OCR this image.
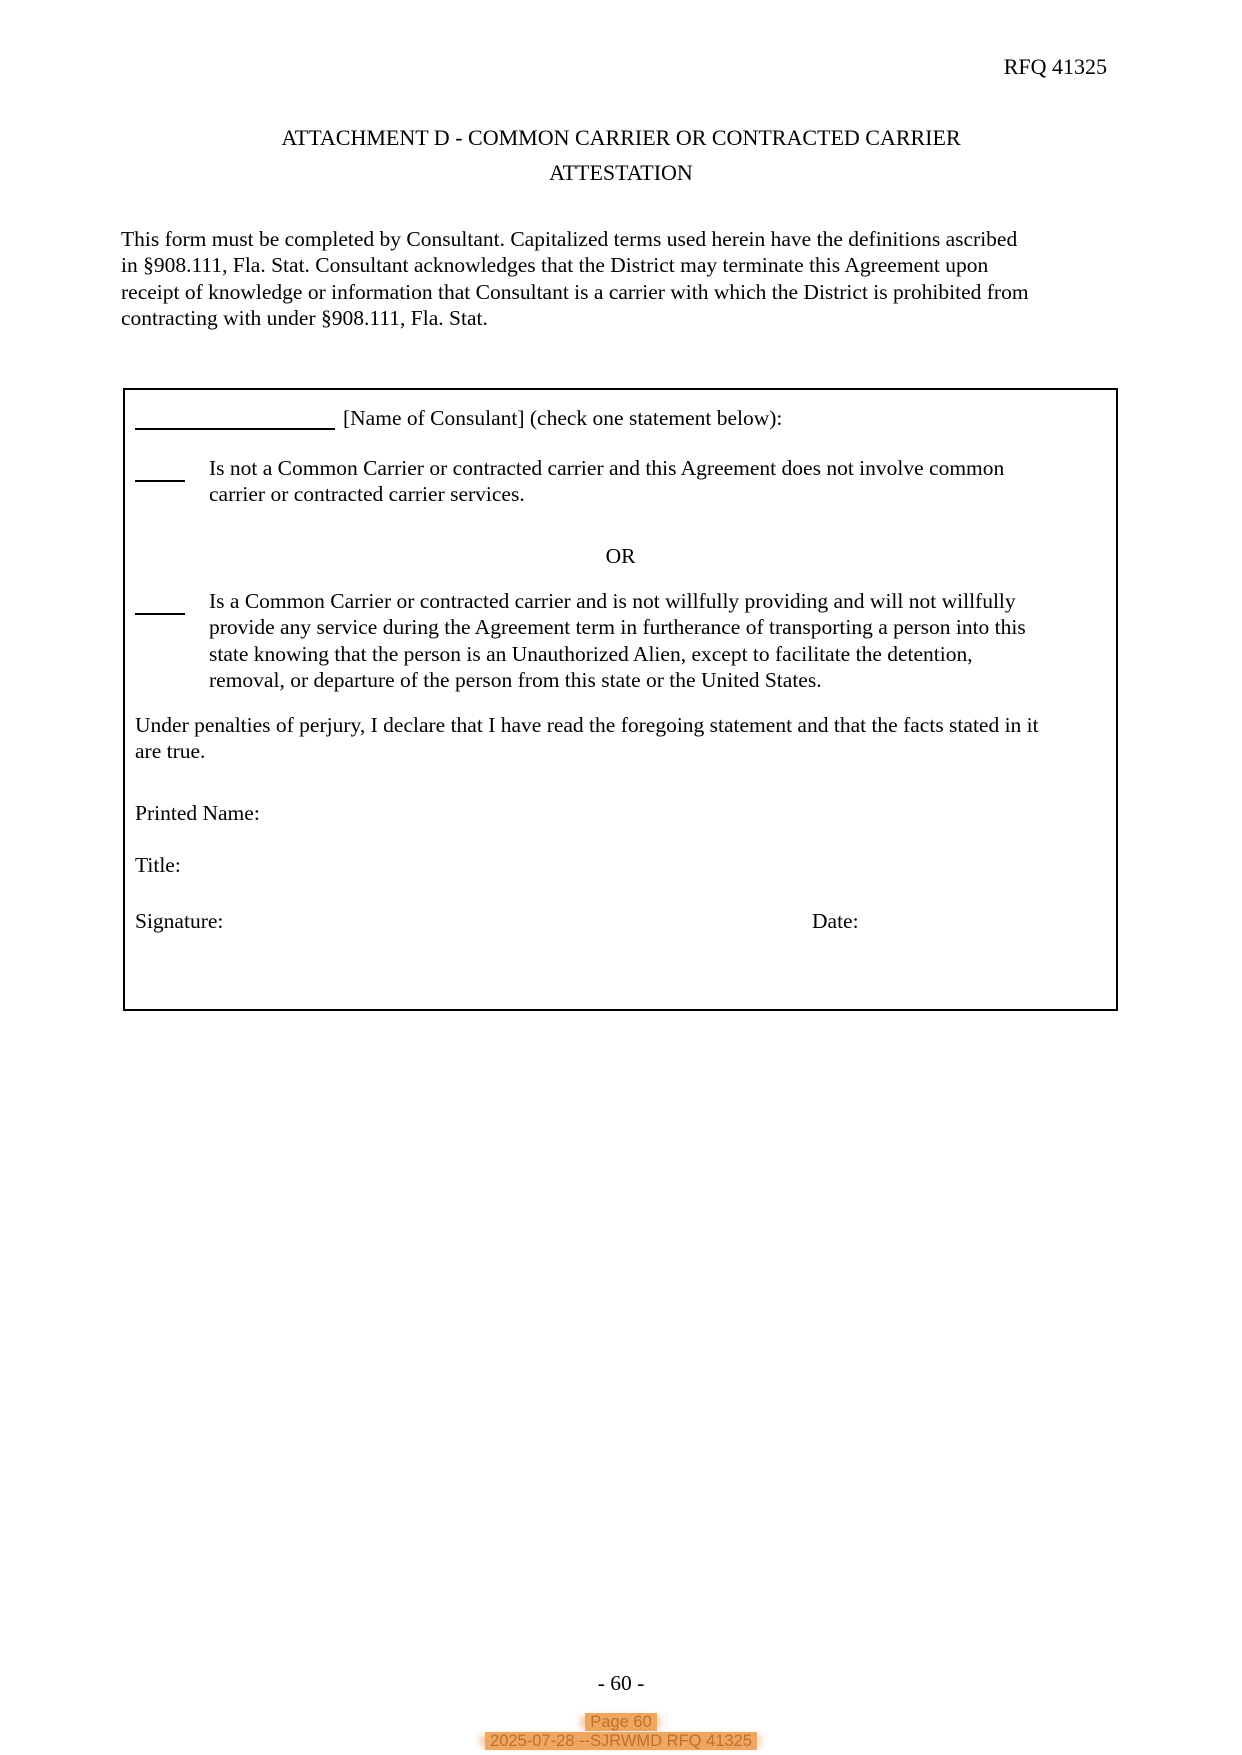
RFQ 41325
ATTACHMENT D - COMMON CARRIER OR CONTRACTED CARRIER
ATTESTATION
This form must be completed by Consultant. Capitalized terms used herein have the definitions ascribed
in §908.111, Fla. Stat. Consultant acknowledges that the District may terminate this Agreement upon
receipt of knowledge or information that Consultant is a carrier with which the District is prohibited from
contracting with under §908.111, Fla. Stat.
[Name of Consulant] (check one statement below):
Is not a Common Carrier or contracted carrier and this Agreement does not involve common
carrier or contracted carrier services.
OR
Is a Common Carrier or contracted carrier and is not willfully providing and will not willfully
provide any service during the Agreement term in furtherance of transporting a person into this
state knowing that the person is an Unauthorized Alien, except to facilitate the detention,
removal, or departure of the person from this state or the United States.
Under penalties of perjury, I declare that I have read the foregoing statement and that the facts stated in it
are true.
Printed Name:
Title:
Signature:	Date:
- 60 -
Page 60
2025-07-28 --SJRWMD RFQ 41325
